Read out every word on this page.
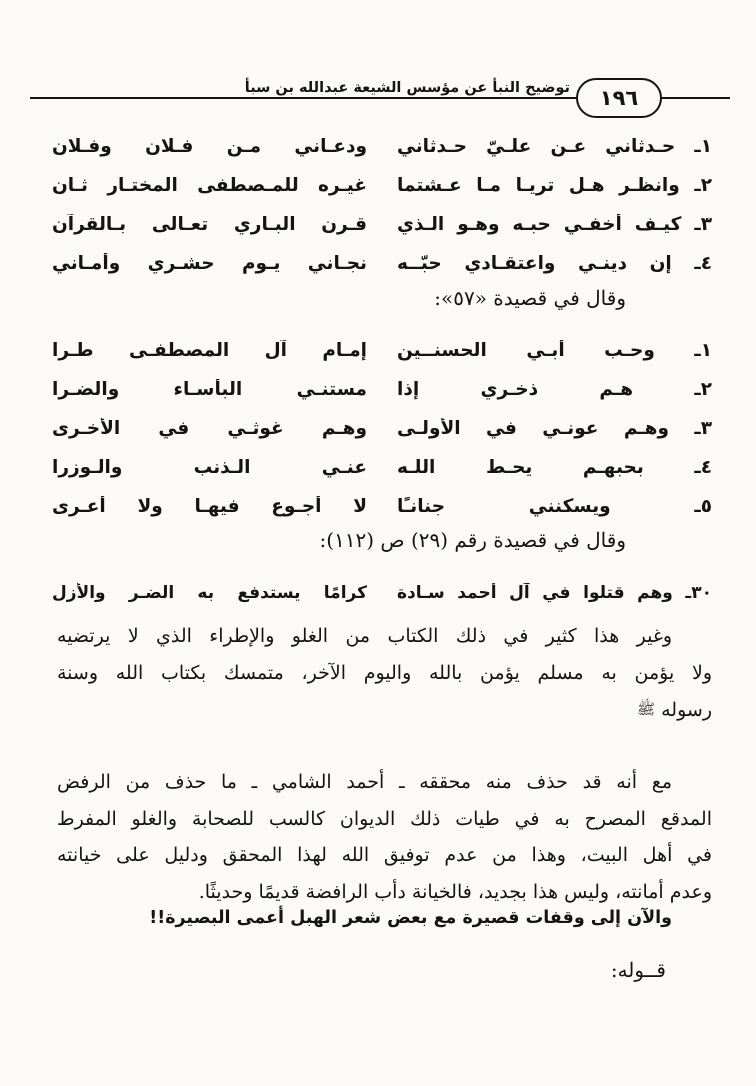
توضيح النبأ عن مؤسس الشيعة عبدالله بن سبأ	١٩٦
١ـ حـدثاني عـن علـيّ حـدثاني
ودعـاني مـن فـلان وفـلان
٢ـ وانظـر هـل تريـا مـا عـشتما
غيـره للمـصطفى المختـار ثـان
٣ـ كيـف أخفـي حبـه وهـو الـذي
قـرن البـاري تعـالى بـالقرآن
٤ـ إن دينـي واعتقـادي حبّــه
نجـاني يـوم حشـري وأمـاني
وقال في قصيدة «٥٧»:
١ـ وحـب أبـي الحسنــين
إمـام آل المصطفـى طـرا
٢ـ هـم ذخـري إذا
مستنـي البأسـاء والضـرا
٣ـ وهـم عونـي في الأولـى
وهـم غوثـي في الأخـرى
٤ـ بحبهـم يحـط اللـه
عنـي الـذنب والـوزرا
٥ـ ويسكنني جنانـًا
لا أجـوع فيهـا ولا أعـرى
وقال في قصيدة رقم (٢٩) ص (١١٢):
٣٠ـ وهم قتلوا في آل أحمد سـادة
كرامًا يستدفع به الضـر والأزل

وغير هذا كثير في ذلك الكتاب من الغلو والإطراء الذي لا يرتضيه
ولا يؤمن به مسلم يؤمن بالله واليوم الآخر، متمسك بكتاب الله وسنة
رسوله ﷺ

مع أنه قد حذف منه محققه ـ أحمد الشامي ـ ما حذف من الرفض
المدقع المصرح به في طيات ذلك الديوان كالسب للصحابة والغلو المفرط
في أهل البيت، وهذا من عدم توفيق الله لهذا المحقق ودليل على خيانته
وعدم أمانته، وليس هذا بجديد، فالخيانة دأب الرافضة قديمًا وحديثًا.

والآن إلى وقفات قصيرة مع بعض شعر الهبل أعمى البصيرة!!
قــوله:
